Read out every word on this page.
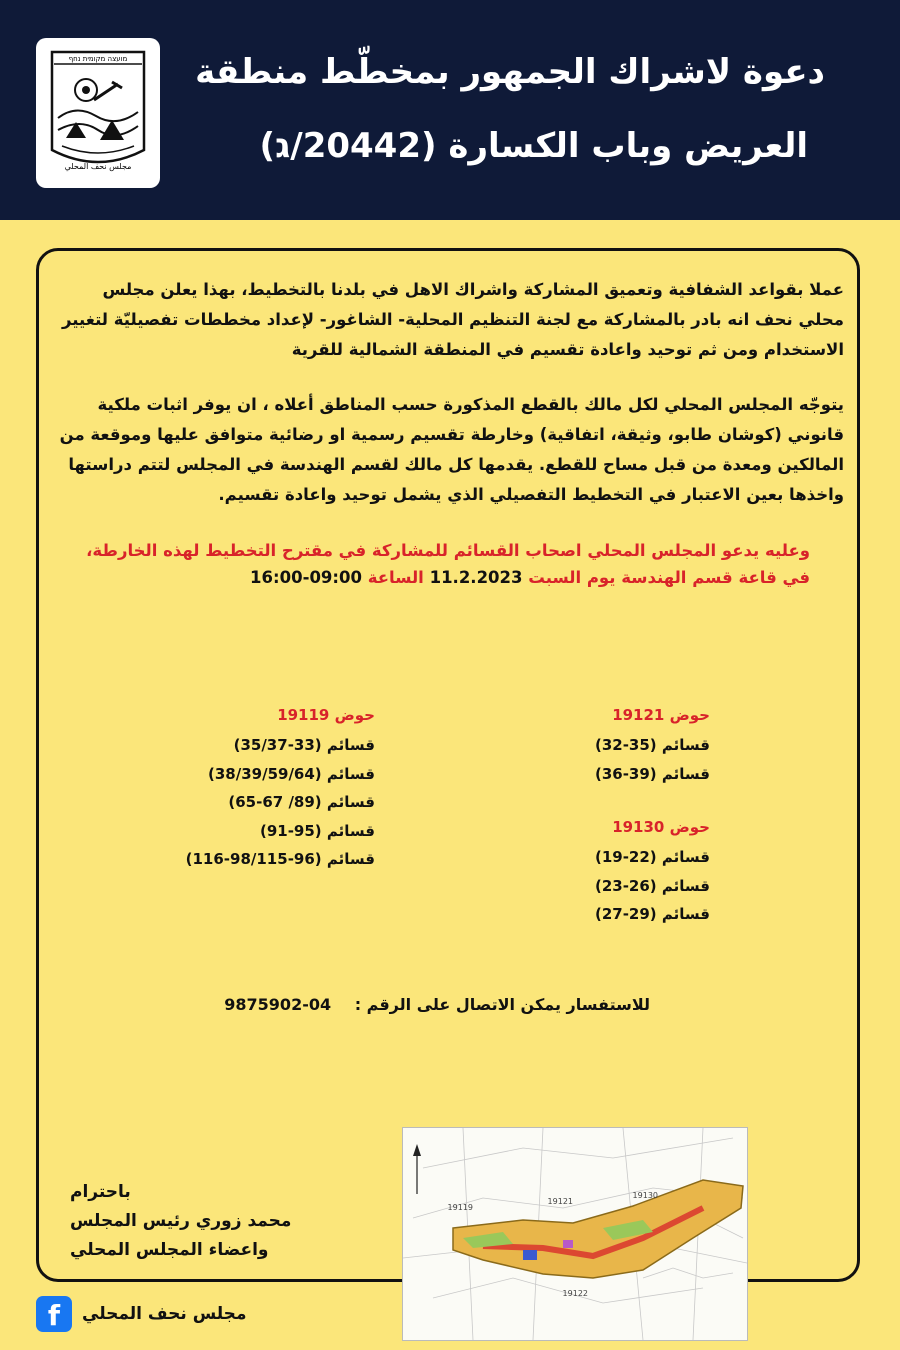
מועצה מקומית נחף
مجلس نحف المحلي
دعوة لاشراك الجمهور بمخطّط منطقة
العريض وباب الكسارة (20442/ג)
عملا بقواعد الشفافية وتعميق المشاركة واشراك الاهل في بلدنا بالتخطيط، بهذا يعلن مجلس محلي نحف انه بادر بالمشاركة مع لجنة التنظيم المحلية- الشاغور- لإعداد مخططات تفصيليّة لتغيير الاستخدام ومن ثم توحيد واعادة تقسيم في المنطقة الشمالية للقرية
يتوجّه المجلس المحلي لكل مالك بالقطع المذكورة حسب المناطق أعلاه ، ان يوفر اثبات ملكية قانوني (كوشان طابو، وثيقة، اتفاقية) وخارطة تقسيم رسمية او رضائية متوافق عليها وموقعة من المالكين ومعدة من قبل مساح للقطع. يقدمها كل مالك لقسم الهندسة في المجلس لتتم دراستها واخذها بعين الاعتبار في التخطيط التفصيلي الذي يشمل توحيد واعادة تقسيم.
وعليه يدعو المجلس المحلي اصحاب القسائم للمشاركة في مقترح التخطيط لهذه الخارطة،
في قاعة قسم الهندسة يوم السبت 11.2.2023 الساعة 09:00-16:00
حوض 19121
قسائم (35-32)
قسائم (39-36)
حوض 19130
قسائم (22-19)
قسائم (26-23)
قسائم (29-27)
حوض 19119
قسائم (33-35/37)
قسائم (38/39/59/64)
قسائم (89/ 67-65)
قسائم (95-91)
قسائم (96-98/115-116)
للاستفسار يمكن الاتصال على الرقم : 04-9875902
19119
19121
19130
19122
باحترام
محمد زوري رئيس المجلس
واعضاء المجلس المحلي
f	مجلس نحف المحلي
